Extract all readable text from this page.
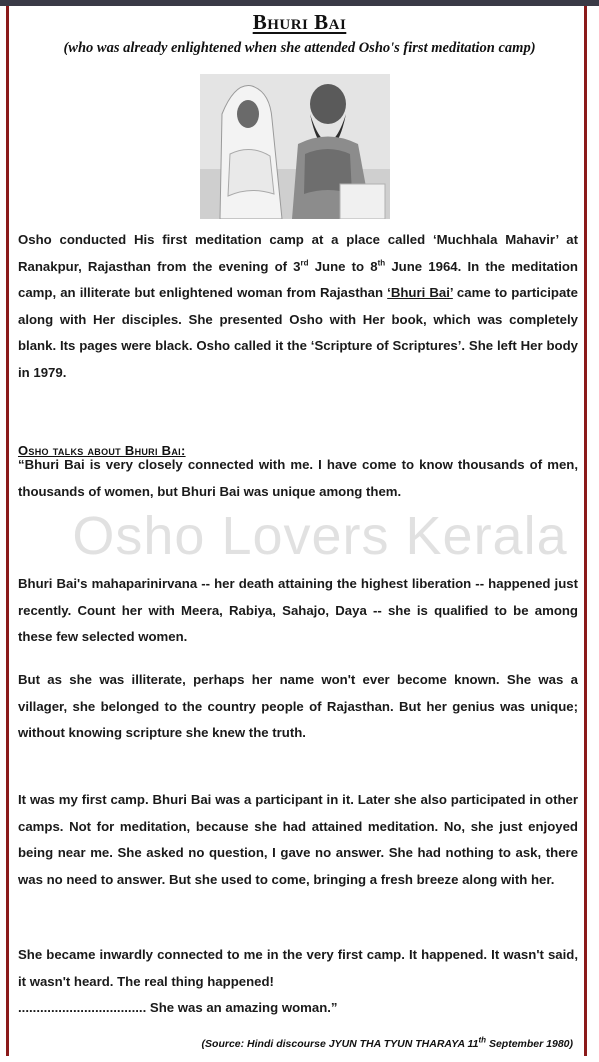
Bhuri Bai
(who was already enlightened when she attended Osho's first meditation camp)

Osho conducted His first meditation camp at a place called ‘Muchhala Mahavir’ at Ranakpur, Rajasthan from the evening of 3rd June to 8th June 1964. In the meditation camp, an illiterate but enlightened woman from Rajasthan ‘Bhuri Bai’ came to participate along with Her disciples. She presented Osho with Her book, which was completely blank. Its pages were black. Osho called it the ‘Scripture of Scriptures’. She left Her body in 1979.

Osho talks about Bhuri Bai:
Osho Lovers Kerala

“Bhuri Bai is very closely connected with me. I have come to know thousands of men, thousands of women, but Bhuri Bai was unique among them.

Bhuri Bai's mahaparinirvana -- her death attaining the highest liberation -- happened just recently. Count her with Meera, Rabiya, Sahajo, Daya -- she is qualified to be among these few selected women.

But as she was illiterate, perhaps her name won't ever become known. She was a villager, she belonged to the country people of Rajasthan. But her genius was unique; without knowing scripture she knew the truth.

It was my first camp. Bhuri Bai was a participant in it. Later she also participated in other camps. Not for meditation, because she had attained meditation. No, she just enjoyed being near me. She asked no question, I gave no answer. She had nothing to ask, there was no need to answer. But she used to come, bringing a fresh breeze along with her.

She became inwardly connected to me in the very first camp. It happened. It wasn't said, it wasn't heard. The real thing happened!

................................... She was an amazing woman.”

(Source: Hindi discourse JYUN THA TYUN THARAYA 11th September 1980)
